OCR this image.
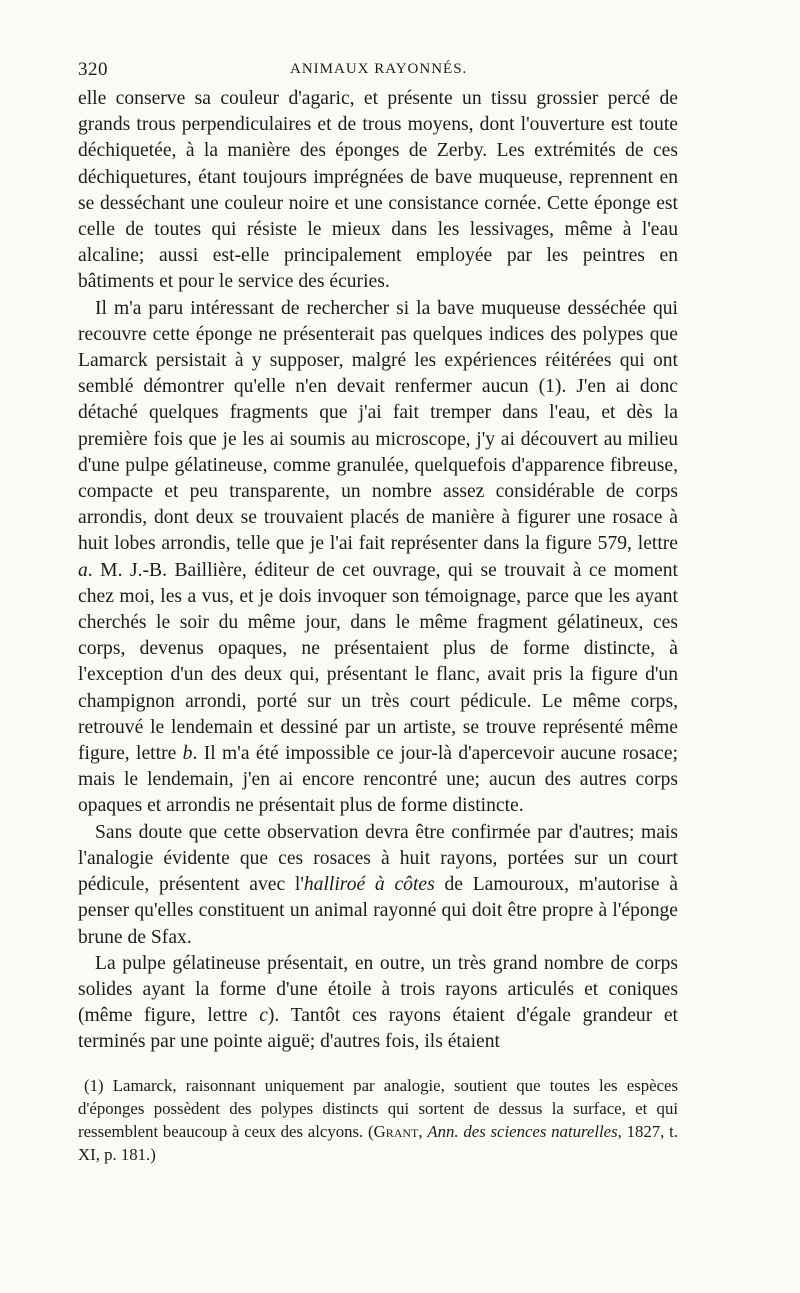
320	ANIMAUX RAYONNÉS.

elle conserve sa couleur d'agaric, et présente un tissu grossier percé de grands trous perpendiculaires et de trous moyens, dont l'ouverture est toute déchiquetée, à la manière des éponges de Zerby. Les extrémités de ces déchiquetures, étant toujours imprégnées de bave muqueuse, reprennent en se desséchant une couleur noire et une consistance cornée. Cette éponge est celle de toutes qui résiste le mieux dans les lessivages, même à l'eau alcaline; aussi est-elle principalement employée par les peintres en bâtiments et pour le service des écuries.

Il m'a paru intéressant de rechercher si la bave muqueuse desséchée qui recouvre cette éponge ne présenterait pas quelques indices des polypes que Lamarck persistait à y supposer, malgré les expériences réitérées qui ont semblé démontrer qu'elle n'en devait renfermer aucun (1). J'en ai donc détaché quelques fragments que j'ai fait tremper dans l'eau, et dès la première fois que je les ai soumis au microscope, j'y ai découvert au milieu d'une pulpe gélatineuse, comme granulée, quelquefois d'apparence fibreuse, compacte et peu transparente, un nombre assez considérable de corps arrondis, dont deux se trouvaient placés de manière à figurer une rosace à huit lobes arrondis, telle que je l'ai fait représenter dans la figure 579, lettre a. M. J.-B. Baillière, éditeur de cet ouvrage, qui se trouvait à ce moment chez moi, les a vus, et je dois invoquer son témoignage, parce que les ayant cherchés le soir du même jour, dans le même fragment gélatineux, ces corps, devenus opaques, ne présentaient plus de forme distincte, à l'exception d'un des deux qui, présentant le flanc, avait pris la figure d'un champignon arrondi, porté sur un très court pédicule. Le même corps, retrouvé le lendemain et dessiné par un artiste, se trouve représenté même figure, lettre b. Il m'a été impossible ce jour-là d'apercevoir aucune rosace; mais le lendemain, j'en ai encore rencontré une; aucun des autres corps opaques et arrondis ne présentait plus de forme distincte.

Sans doute que cette observation devra être confirmée par d'autres; mais l'analogie évidente que ces rosaces à huit rayons, portées sur un court pédicule, présentent avec l'halliroé à côtes de Lamouroux, m'autorise à penser qu'elles constituent un animal rayonné qui doit être propre à l'éponge brune de Sfax.

La pulpe gélatineuse présentait, en outre, un très grand nombre de corps solides ayant la forme d'une étoile à trois rayons articulés et coniques (même figure, lettre c). Tantôt ces rayons étaient d'égale grandeur et terminés par une pointe aiguë; d'autres fois, ils étaient

(1) Lamarck, raisonnant uniquement par analogie, soutient que toutes les espèces d'éponges possèdent des polypes distincts qui sortent de dessus la surface, et qui ressemblent beaucoup à ceux des alcyons. (Grant, Ann. des sciences naturelles, 1827, t. XI, p. 181.)
